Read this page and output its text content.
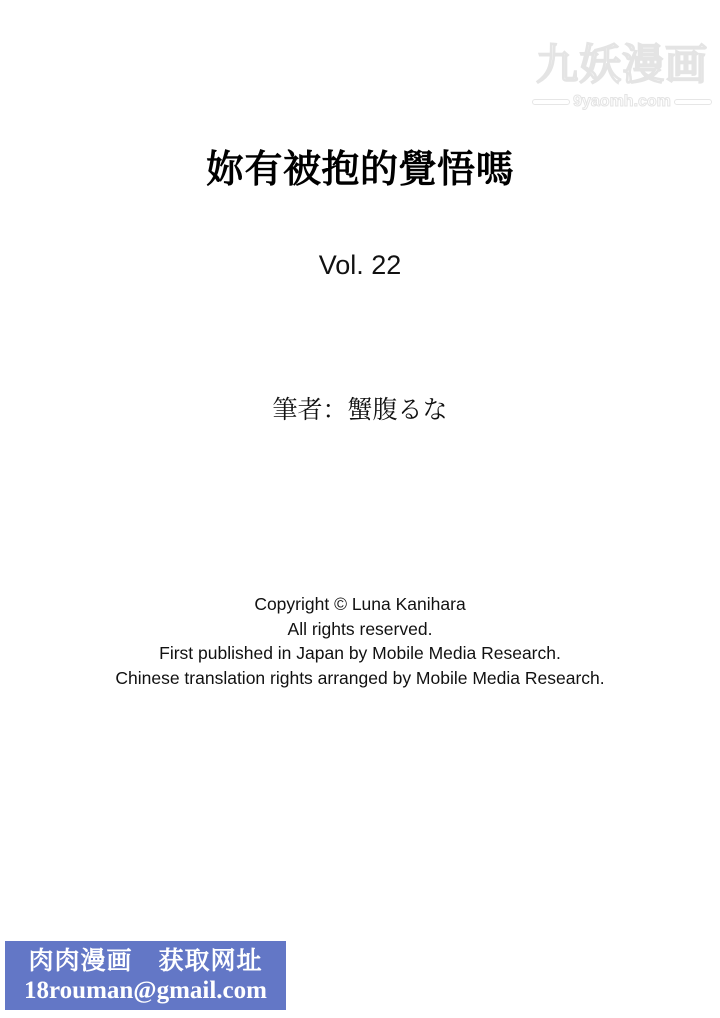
九妖漫画
9yaomh.com
妳有被抱的覺悟嗎
Vol. 22
筆者：蟹腹るな

Copyright © Luna Kanihara

All rights reserved.

First published in Japan by Mobile Media Research.

Chinese translation rights arranged by Mobile Media Research.

肉肉漫画　获取网址
18rouman@gmail.com
